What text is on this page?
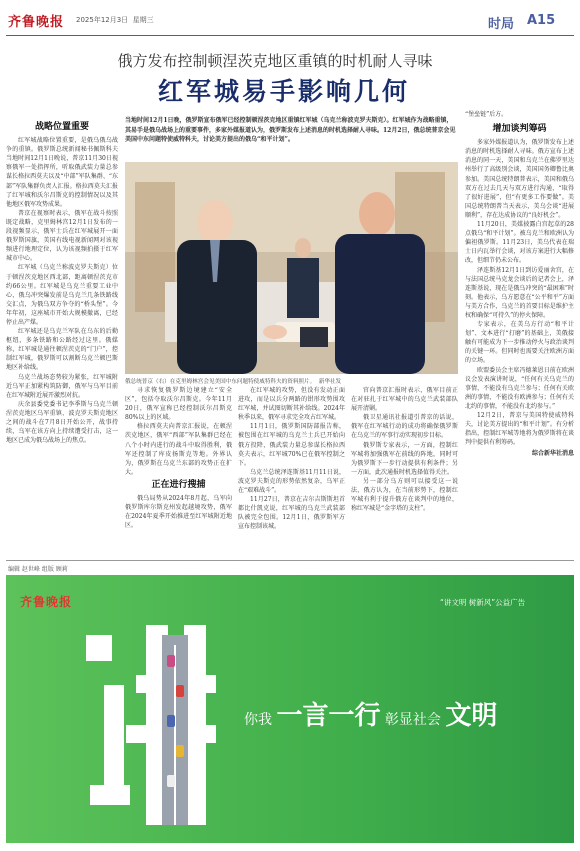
齐鲁晚报 2025年12月3日 星期三	时局 A15
俄方发布控制顿涅茨克地区重镇的时机耐人寻味
红军城易手影响几何
当地时间12月1日晚，俄罗斯宣布俄军已经控制顿涅茨克地区重镇红军城（乌克兰称波克罗夫斯克）。红军城作为战略重镇，其易手是俄乌战场上的重要事件，多家外媒报道认为，俄罗斯发布上述消息的时机选择耐人寻味。12月2日，俄总统普京会见美国中东问题特使威特科夫，讨论美方提出的俄乌“和平计划”。
战略位置重要

红军城战略位置重要，是俄乌俄乌战争的重镇。俄罗斯总统新闻秘书佩斯科夫当地时间12月1日晚说，普京11月30日视察俄军一处指挥所，听取俄武装力量总参谋长格拉西莫夫以及“中部”军队集群、“东部”军队集群负责人汇报。格拉西莫夫汇报了红军城和沃尔昌斯克的控制情况以及其他地区俄军攻势成果。

普京在视察时表示，俄军在战斗按照既定战略，克里姆林宫12月1日发布的一段视频显示，俄军士兵在红军城展开一面俄罗斯国旗，美国有线电视新闻网对该视频进行地理定位，认为该视频拍摄于红军城市中心。

红军城（乌克兰称波克罗夫斯克）位于顿涅茨克地区西北部，距离顿涅茨克市约66公里。红军城是乌克兰重要工业中心，俄乌冲突爆发前是乌克兰几条铁路线交汇点，为俄乌双方争夺的“桥头堡”。今年年初，这座城市开始大规模撤离，已经停止出产煤。

红军城还是乌克兰军队在乌东的后勤枢纽，多条铁路和公路经过这里。俄媒称，红军城是通往顿涅茨克的“门户”，控制红军城，俄罗斯可以割断乌克兰顿巴斯地区补给线。

乌克兰战场态势较为紧张，红军城附近乌军正加紧构筑防御，俄军与乌军目前在红军城附近展开激烈对抗。

庆余县委党委书记李季斯与乌克兰顿涅茨克地区乌军重镇、波克罗夫斯克地区之间的战斗在7月8日开始公开，战事持续，乌军在该方向上持续遭受打击，这一地区已成为俄乌战场上的焦点。

俄总统普京（右）在克里姆林宫会见美国中东问题特使威特科夫的资料照片。 新华社发

寻求恢复俄罗斯边境建立“安全区”，包括夺取沃尔昌斯克。今年11月20日，俄军宣称已经控制沃尔昌斯克80%以上的区域。

格拉西莫夫向普京汇报说，在顿涅茨克地区，俄军“西部”军队集群已经在八个小时内进行的战斗中取得胜利，俄军还控制了库皮扬斯克等地。外界认为，俄罗斯在乌克兰东部的攻势正在扩大。

正在进行搜捕

俄乌局势从2024年8月起，乌军向俄罗斯库尔斯克州发起越境攻势，俄军在2024年夏季开始推进至红军城附近地区。

在红军城的攻势，但没有发动正面进攻，而是以兵分两路的钳形攻势围攻红军城，并试图切断其补给线。2024年秋季以来，俄军寻求完全攻占红军城。

11月1日，俄罗斯国防部报告称，被包围在红军城的乌克兰士兵已开始向俄方投降，俄武装力量总参谋长格拉西莫夫表示，红军城70%已在俄军控制之下。

乌克兰总统泽连斯基11月11日说，波克罗夫斯克的形势依然复杂，乌军正在“艰难战斗”。

11月27日，普京在吉尔吉斯斯坦首都比什凯克说，红军城的乌克兰武装部队被完全包围。12月1日，俄罗斯军方宣布控制该城。

官向普京汇报时表示，俄军目前正在对驻扎于红军城中的乌克兰武装部队展开清剿。

俄卫星通讯社报道引普京的话说，俄军在红军城行动的成功将确保俄罗斯在乌克兰的军事行动实现初步目标。

俄罗斯专家表示，一方面，控制红军城将加强俄军在前线的阵地，同时可为俄罗斯下一步行动提供有利条件；另一方面，此次通报时机选择值得关注。

另一部分乌方则可以接受这一说法，俄方认为，在当前形势下，控制红军城有利于提升俄方在谈判中的地位，称红军城是“金字塔的支柱”。

“堡垒链”后方。

增加谈判筹码

多家外媒报道认为，俄罗斯发布上述消息的时机选择耐人寻味。俄方宣布上述消息的同一天，美国和乌克兰在佛罗里达州举行了高级别会谈，美国国务卿鲁比奥参加。美国总统特朗普表示，美国和俄乌双方在过去几天与双方进行沟通，“取得了很好进展”，但“有更多工作要做”。美国总统特朗普当天表示，美乌会谈“进展顺利”，存在达成协议的“良好机会”。

11月20日，美媒披露白宫起草的28点俄乌“和平计划”。被乌克兰和欧洲认为偏袒俄罗斯。11月23日，美乌代表在瑞士日内瓦举行会谈，对该方案进行大幅修改，但细节仍未公布。

泽连斯基12月1日到访爱丽舍宫，在与法国总统马克龙会谈后的记者会上，泽连斯基说，现在是俄乌冲突的“最困难”时刻。他表示，乌方愿意在“公平和平”方面与美方合作，乌克兰的首要目标是维护主权和确保“可持久”的停火保障。

专家表示，在美乌方行动“和平计划”、文本进行“打磨”的基础上，美俄接触有可能成为下一步推动停火与政治谈判的关键一环。但同时也需要关注欧洲方面的立场。

欧盟委员会主席冯德莱恩日前在欧洲议会发表演讲时说，“任何有关乌克兰的事情，不能没有乌克兰参与；任何有关欧洲的事情，不能没有欧洲参与；任何有关北约的事情，不能没有北约参与。”

12月2日，普京与美国特使威特科夫，讨论美方提出的“和平计划”。有分析指出，控制红军城等地将为俄罗斯将在谈判中提供有利筹码。

综合新华社消息
编辑 赵世峰 组版 顾莉
齐鲁晚报	“讲文明 树新风”公益广告
你我 一言一行 彰显社会 文明
